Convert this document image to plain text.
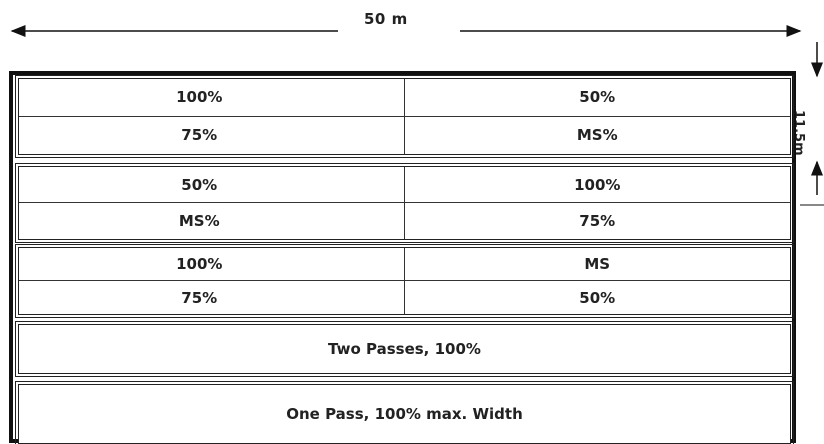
50 m
11.5m
100%	50%
75%	MS%
50%	100%
MS%	75%
100%	MS
75%	50%
Two Passes, 100%
One Pass, 100% max. Width
